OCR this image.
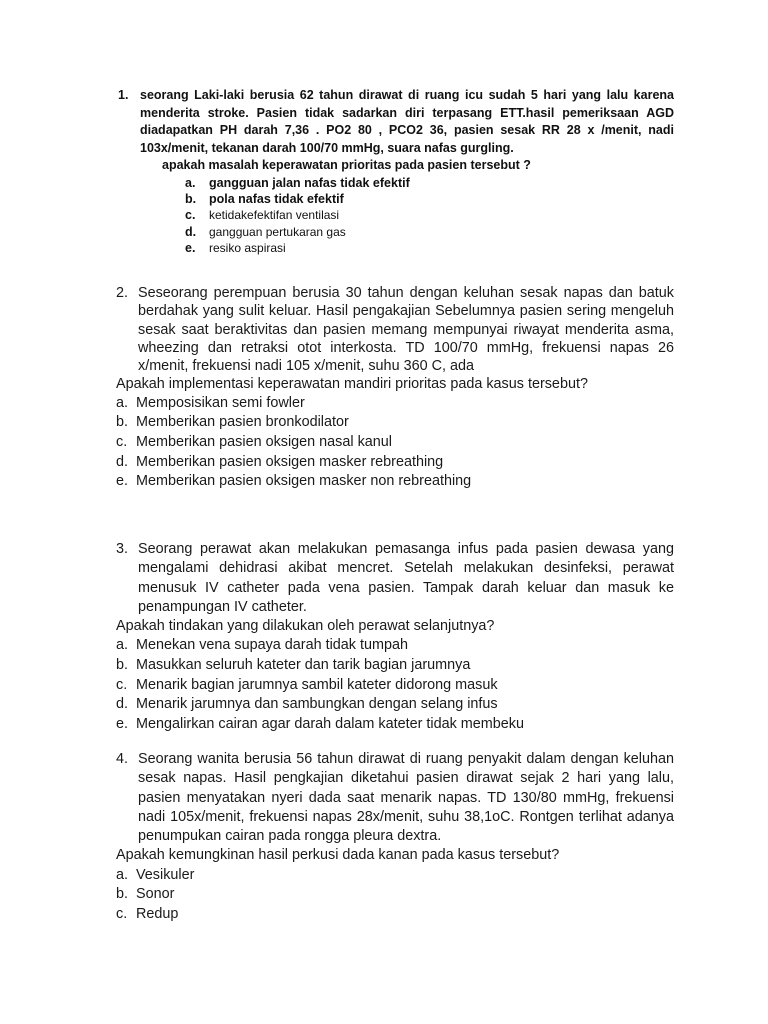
1. seorang Laki-laki berusia 62 tahun dirawat di ruang icu sudah 5 hari yang lalu karena menderita stroke. Pasien tidak sadarkan diri terpasang ETT.hasil pemeriksaan AGD diadapatkan PH darah 7,36 . PO2 80 , PCO2 36, pasien sesak RR 28 x /menit, nadi 103x/menit, tekanan darah 100/70 mmHg, suara nafas gurgling.
apakah masalah keperawatan prioritas pada pasien tersebut ?
a. gangguan jalan nafas tidak efektif
b. pola nafas tidak efektif
c. ketidakefektifan ventilasi
d. gangguan pertukaran gas
e. resiko aspirasi
2. Seseorang perempuan berusia 30 tahun dengan keluhan sesak napas dan batuk berdahak yang sulit keluar. Hasil pengakajian Sebelumnya pasien sering mengeluh sesak saat beraktivitas dan pasien memang mempunyai riwayat menderita asma, wheezing dan retraksi otot interkosta. TD 100/70 mmHg, frekuensi napas 26 x/menit, frekuensi nadi 105 x/menit, suhu 360 C, ada
Apakah implementasi keperawatan mandiri prioritas pada kasus tersebut?
a. Memposisikan semi fowler
b. Memberikan pasien bronkodilator
c. Memberikan pasien oksigen nasal kanul
d. Memberikan pasien oksigen masker rebreathing
e. Memberikan pasien oksigen masker non rebreathing
3. Seorang perawat akan melakukan pemasanga infus pada pasien dewasa yang mengalami dehidrasi akibat mencret. Setelah melakukan desinfeksi, perawat menusuk IV catheter pada vena pasien. Tampak darah keluar dan masuk ke penampungan IV catheter.
Apakah tindakan yang dilakukan oleh perawat selanjutnya?
a. Menekan vena supaya darah tidak tumpah
b. Masukkan seluruh kateter dan tarik bagian jarumnya
c. Menarik bagian jarumnya sambil kateter didorong masuk
d. Menarik jarumnya dan sambungkan dengan selang infus
e. Mengalirkan cairan agar darah dalam kateter tidak membeku
4. Seorang wanita berusia 56 tahun dirawat di ruang penyakit dalam dengan keluhan sesak napas. Hasil pengkajian diketahui pasien dirawat sejak 2 hari yang lalu, pasien menyatakan nyeri dada saat menarik napas. TD 130/80 mmHg, frekuensi nadi 105x/menit, frekuensi napas 28x/menit, suhu 38,1oC. Rontgen terlihat adanya penumpukan cairan pada rongga pleura dextra.
Apakah kemungkinan hasil perkusi dada kanan pada kasus tersebut?
a. Vesikuler
b. Sonor
c. Redup
